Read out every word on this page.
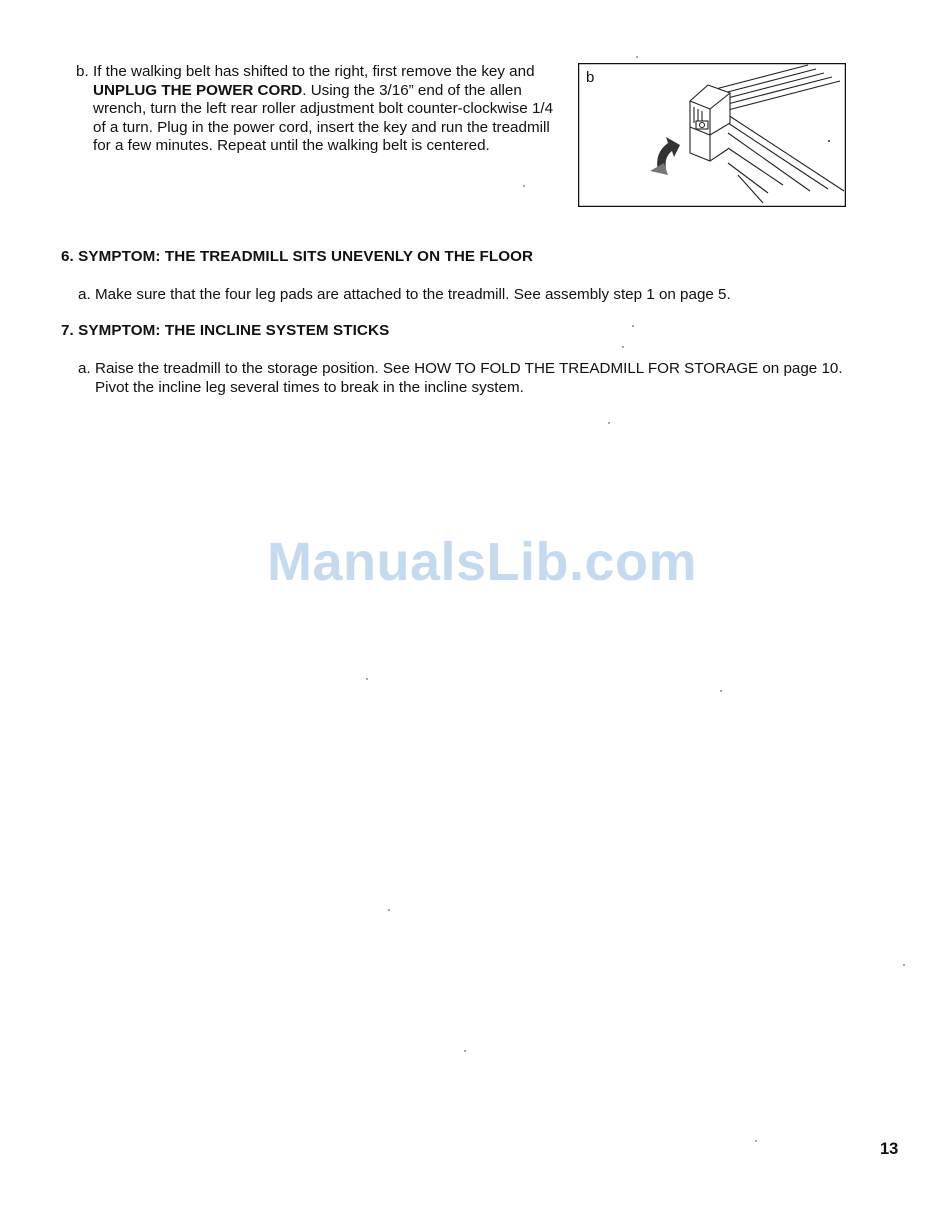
b. If the walking belt has shifted to the right, first remove the key and UNPLUG THE POWER CORD. Using the 3/16” end of the allen wrench, turn the left rear roller adjustment bolt counter-clockwise 1/4 of a turn. Plug in the power cord, insert the key and run the treadmill for a few minutes. Repeat until the walking belt is centered.
b
6. SYMPTOM: THE TREADMILL SITS UNEVENLY ON THE FLOOR
a. Make sure that the four leg pads are attached to the treadmill. See assembly step 1 on page 5.
7. SYMPTOM: THE INCLINE SYSTEM STICKS
a. Raise the treadmill to the storage position. See HOW TO FOLD THE TREADMILL FOR STORAGE on page 10. Pivot the incline leg several times to break in the incline system.
ManualsLib.com
13
